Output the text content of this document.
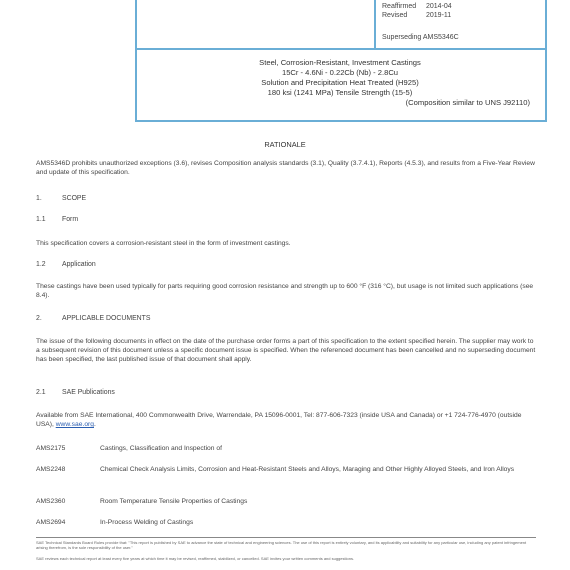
Reaffirmed 2014-04
Revised	2019-11
Superseding AMS5346C
Steel, Corrosion-Resistant, Investment Castings
15Cr - 4.6Ni - 0.22Cb (Nb) - 2.8Cu
Solution and Precipitation Heat Treated (H925)
180 ksi (1241 MPa) Tensile Strength (15-5)
(Composition similar to UNS J92110)
RATIONALE
AMS5346D prohibits unauthorized exceptions (3.6), revises Composition analysis standards (3.1), Quality (3.7.4.1), Reports (4.5.3), and results from a Five-Year Review and update of this specification.
1.	SCOPE
1.1 Form
This specification covers a corrosion-resistant steel in the form of investment castings.
1.2 Application
These castings have been used typically for parts requiring good corrosion resistance and strength up to 600 °F (316 °C), but usage is not limited such applications (see 8.4).
2.	APPLICABLE DOCUMENTS
The issue of the following documents in effect on the date of the purchase order forms a part of this specification to the extent specified herein. The supplier may work to a subsequent revision of this document unless a specific document issue is specified. When the referenced document has been cancelled and no superseding document has been specified, the last published issue of that document shall apply.
2.1 SAE Publications
Available from SAE International, 400 Commonwealth Drive, Warrendale, PA 15096-0001, Tel: 877-606-7323 (inside USA and Canada) or +1 724-776-4970 (outside USA), www.sae.org.
AMS2175	Castings, Classification and Inspection of
AMS2248	Chemical Check Analysis Limits, Corrosion and Heat-Resistant Steels and Alloys, Maraging and Other Highly Alloyed Steels, and Iron Alloys
AMS2360	Room Temperature Tensile Properties of Castings
AMS2694	In-Process Welding of Castings
SAE Technical Standards Board Rules provide that: "This report is published by SAE to advance the state of technical and engineering sciences. The use of this report is entirely voluntary, and its applicability and suitability for any particular use, including any patent infringement arising therefrom, is the sole responsibility of the user."
SAE reviews each technical report at least every five years at which time it may be revised, reaffirmed, stabilized, or cancelled. SAE invites your written comments and suggestions.
